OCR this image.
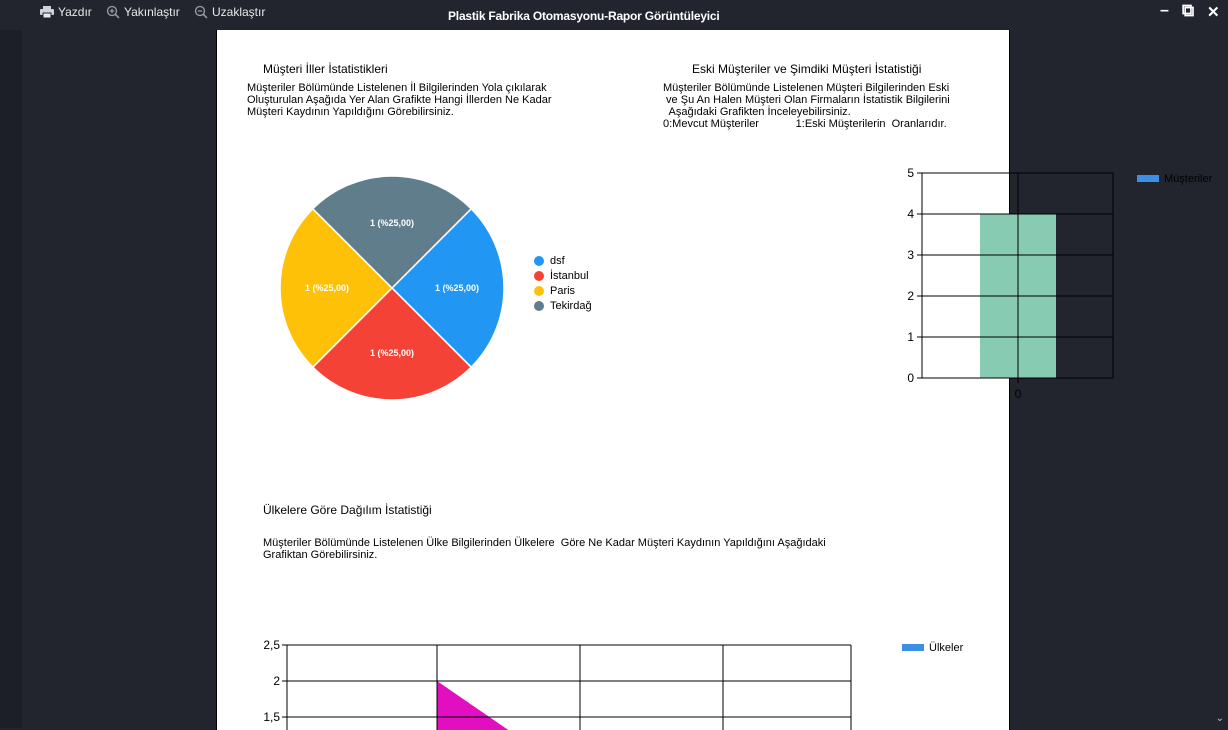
Yazdır	Yakınlaştır	Uzaklaştır	Plastik Fabrika Otomasyonu-Rapor Görüntüleyici	– ⧉ ✕
Müşteri İller İstatistikleri
Müşteriler Bölümünde Listelenen İl Bilgilerinden Yola çıkılarak
Oluşturulan Aşağıda Yer Alan Grafikte Hangi İllerden Ne Kadar
Müşteri Kaydının Yapıldığını Görebilirsiniz.
1 (%25,00)
1 (%25,00)
1 (%25,00)
1 (%25,00)
dsf
İstanbul
Paris
Tekirdağ
Eski Müşteriler ve Şimdiki Müşteri İstatistiği
Müşteriler Bölümünde Listelenen Müşteri Bilgilerinden Eski
ve Şu An Halen Müşteri Olan Firmaların İstatistik Bilgilerini
Aşağıdaki Grafikten İnceleyebilirsiniz.
0:Mevcut Müşteriler            1:Eski Müşterilerin  Oranlarıdır.
0
1
2
3
4
5
0
Müşteriler
Ülkelere Göre Dağılım İstatistiği
Müşteriler Bölümünde Listelenen Ülke Bilgilerinden Ülkelere  Göre Ne Kadar Müşteri Kaydının Yapıldığını Aşağıdaki
Grafiktan Görebilirsiniz.
1,5
2
2,5	Ülkeler
⌄
